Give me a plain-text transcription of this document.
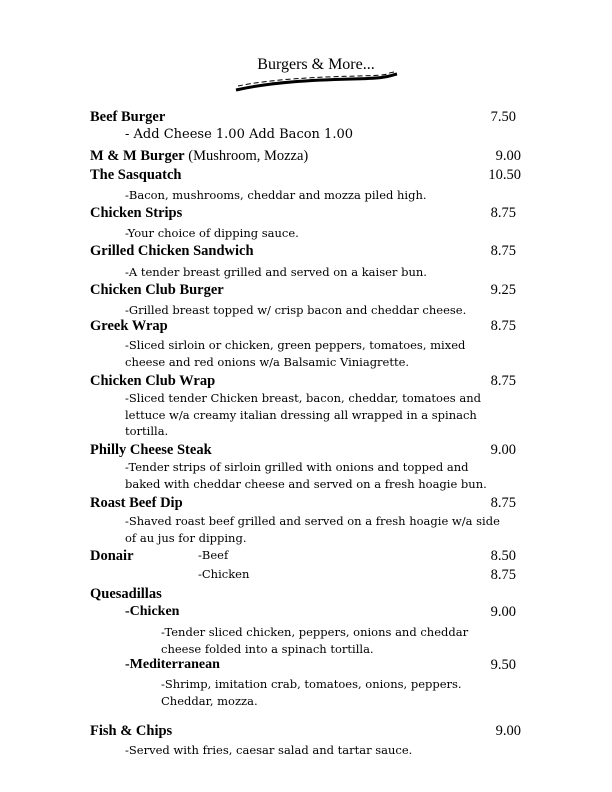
Burgers & More...
Beef Burger	7.50
- Add Cheese 1.00 Add Bacon 1.00
M & M Burger (Mushroom, Mozza)	9.00
The Sasquatch	10.50
-Bacon, mushrooms, cheddar and mozza piled high.
Chicken Strips	8.75
-Your choice of dipping sauce.
Grilled Chicken Sandwich	8.75
-A tender breast grilled and served on a kaiser bun.
Chicken Club Burger	9.25
-Grilled breast topped w/ crisp bacon and cheddar cheese.
Greek Wrap	8.75
-Sliced sirloin or chicken, green peppers, tomatoes, mixed
cheese and red onions w/a Balsamic Viniagrette.
Chicken Club Wrap	8.75
-Sliced tender Chicken breast, bacon, cheddar, tomatoes and
lettuce w/a creamy italian dressing all wrapped in a spinach
tortilla.
Philly Cheese Steak	9.00
-Tender strips of sirloin grilled with onions and topped and
baked with cheddar cheese and served on a fresh hoagie bun.
Roast Beef Dip	8.75
-Shaved roast beef grilled and served on a fresh hoagie w/a side
of au jus for dipping.
Donair	-Beef	8.50
-Chicken	8.75
Quesadillas
-Chicken	9.00
-Tender sliced chicken, peppers, onions and cheddar
cheese folded into a spinach tortilla.
-Mediterranean	9.50
-Shrimp, imitation crab, tomatoes, onions, peppers.
Cheddar, mozza.
Fish & Chips	9.00
-Served with fries, caesar salad and tartar sauce.
